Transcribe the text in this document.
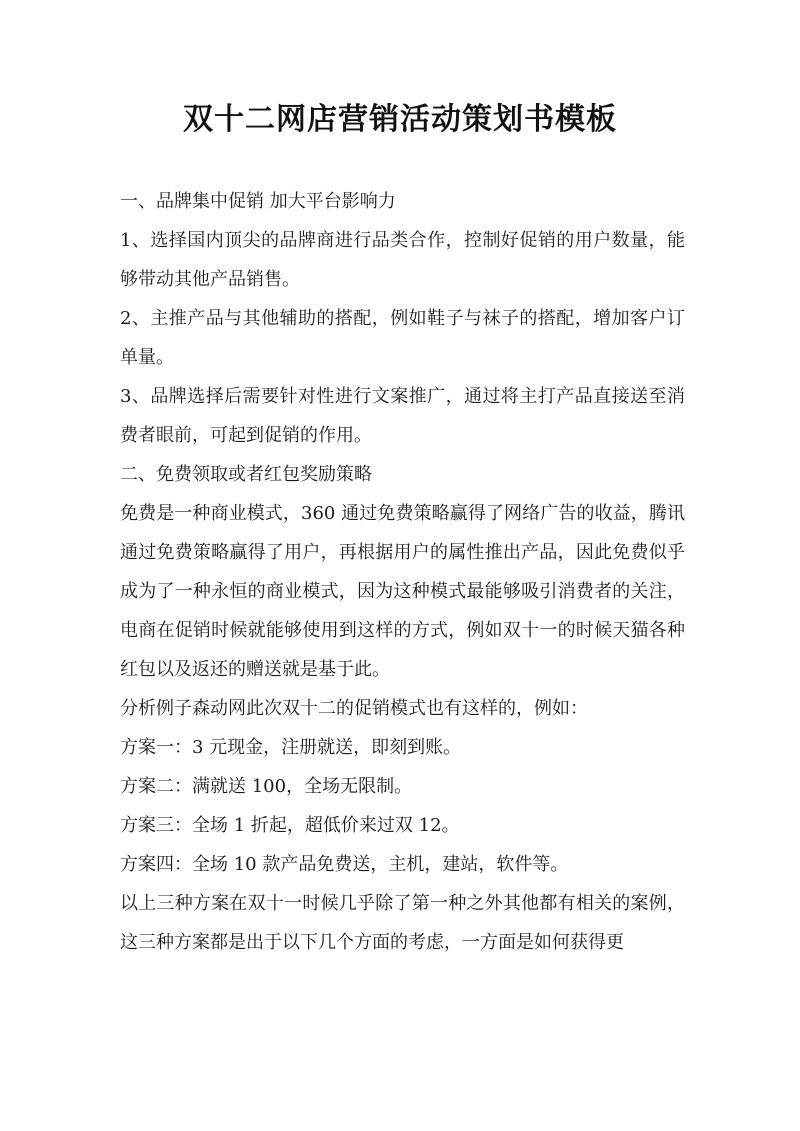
双十二网店营销活动策划书模板

一、品牌集中促销 加大平台影响力

1、选择国内顶尖的品牌商进行品类合作，控制好促销的用户数量，能够带动其他产品销售。

2、主推产品与其他辅助的搭配，例如鞋子与袜子的搭配，增加客户订单量。

3、品牌选择后需要针对性进行文案推广，通过将主打产品直接送至消费者眼前，可起到促销的作用。

二、免费领取或者红包奖励策略

免费是一种商业模式，360 通过免费策略赢得了网络广告的收益，腾讯通过免费策略赢得了用户，再根据用户的属性推出产品，因此免费似乎成为了一种永恒的商业模式，因为这种模式最能够吸引消费者的关注，电商在促销时候就能够使用到这样的方式，例如双十一的时候天猫各种红包以及返还的赠送就是基于此。

分析例子森动网此次双十二的促销模式也有这样的，例如：

方案一：3 元现金，注册就送，即刻到账。

方案二：满就送 100，全场无限制。

方案三：全场 1 折起，超低价来过双 12。

方案四：全场 10 款产品免费送，主机，建站，软件等。

以上三种方案在双十一时候几乎除了第一种之外其他都有相关的案例，这三种方案都是出于以下几个方面的考虑，一方面是如何获得更
